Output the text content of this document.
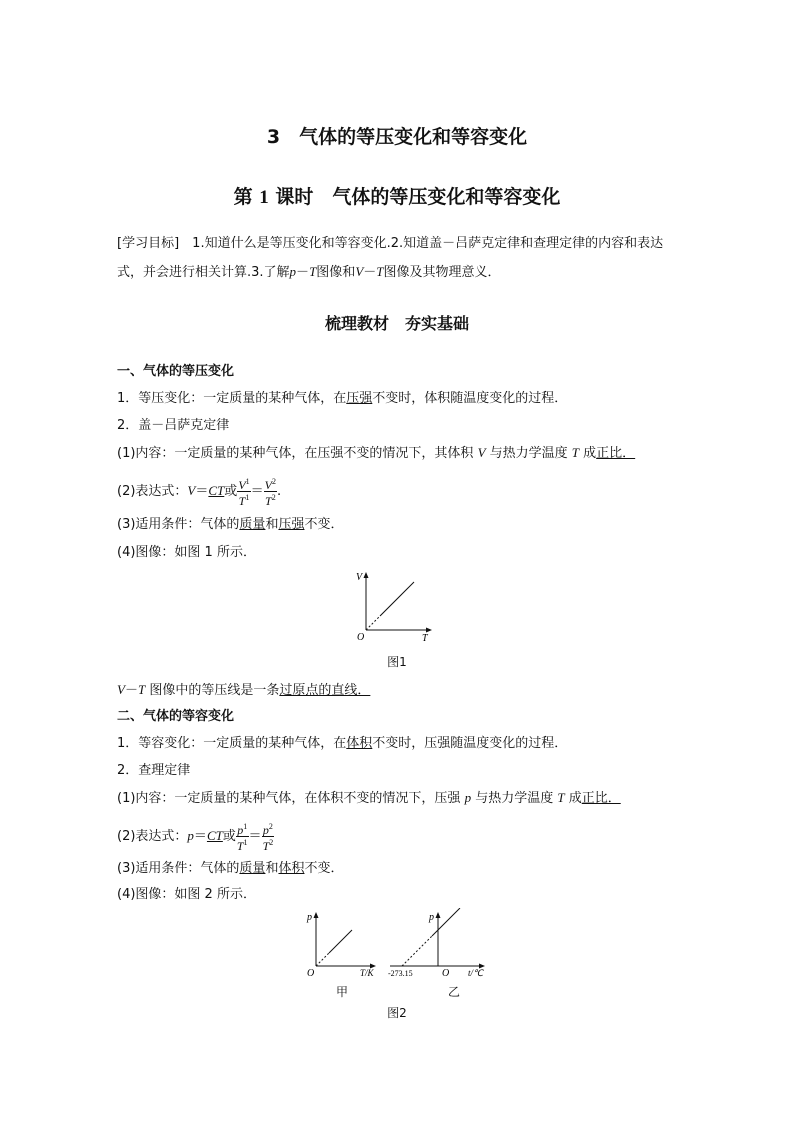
3　 气体的等压变化和等容变化
第 1 课时　 气体的等压变化和等容变化
[学习目标]　 1.知道什么是等压变化和等容变化.2.知道盖－吕萨克定律和查理定律的内容和表达式，并会进行相关计算.3.了解p－T图像和V－T图像及其物理意义．
梳理教材　夯实基础
一、气体的等压变化
1．等压变化：一定质量的某种气体，在压强不变时，体积随温度变化的过程．
2．盖－吕萨克定律
(1)内容：一定质量的某种气体，在压强不变的情况下，其体积 V 与热力学温度 T 成正比．
(2)表达式：V＝CT或 $\frac{V^1}{T^1} = \frac{V^2}{T^2}$ .
(3)适用条件：气体的质量和压强不变．
(4)图像：如图 1 所示．
V
T
O
图1
V－T 图像中的等压线是一条过原点的直线．
二、气体的等容变化
1．等容变化：一定质量的某种气体，在体积不变时，压强随温度变化的过程．
2．查理定律
(1)内容：一定质量的某种气体，在体积不变的情况下，压强 p 与热力学温度 T 成正比．
(2)表达式：p＝CT或 $\frac{p^1}{T^1} = \frac{p^2}{T^2}$
(3)适用条件：气体的质量和体积不变．
(4)图像：如图 2 所示．
p
T/K
O
甲
p
t/℃
O
-273.15
乙
图2
